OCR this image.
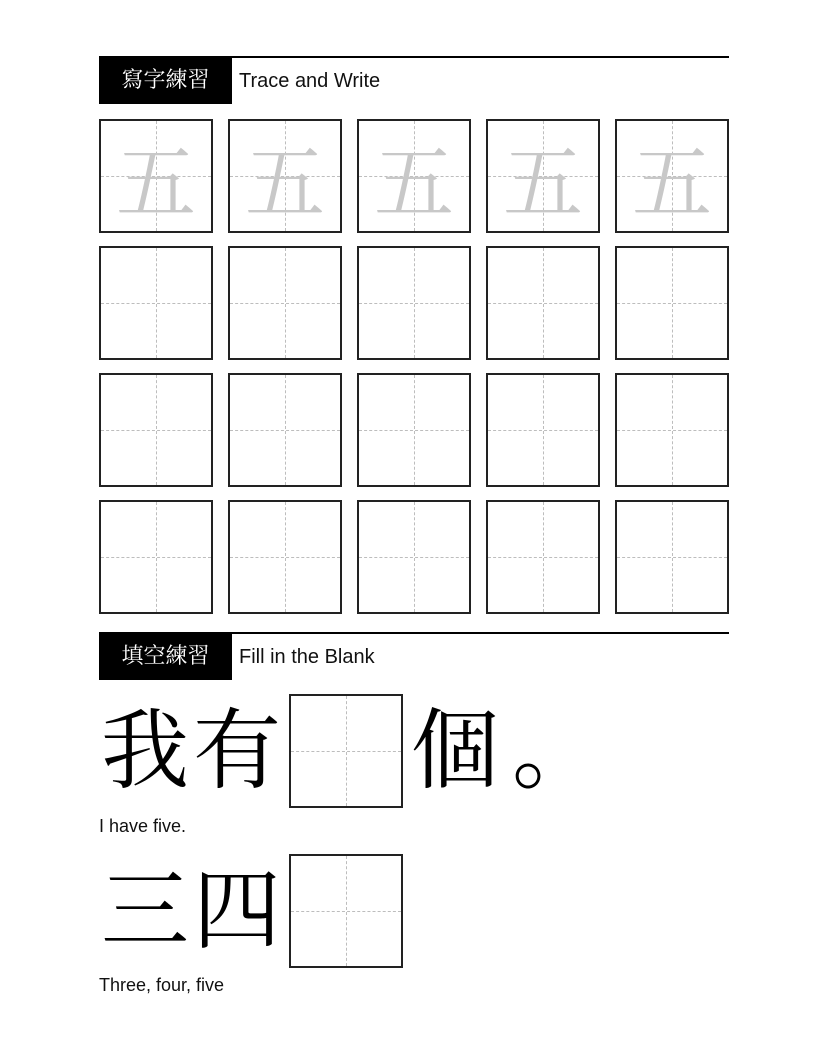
寫字練習	Trace and Write
五 五 五 五 五
填空練習	Fill in the Blank
我 有 個 。
I have five.
三 四
Three, four, five
